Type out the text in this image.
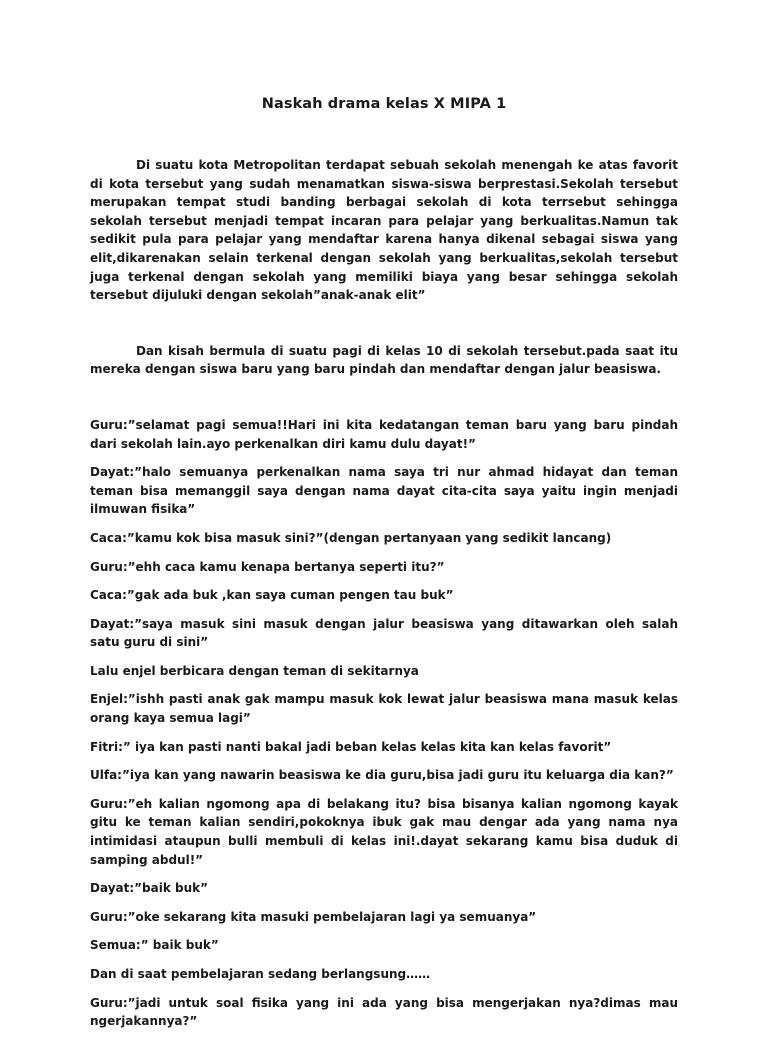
Naskah drama kelas X MIPA 1

Di suatu kota Metropolitan terdapat sebuah sekolah menengah ke atas favorit di kota tersebut yang sudah menamatkan siswa-siswa berprestasi.Sekolah tersebut merupakan tempat studi banding berbagai sekolah di kota terrsebut sehingga sekolah tersebut menjadi tempat incaran para pelajar yang berkualitas.Namun tak sedikit pula para pelajar yang mendaftar karena hanya dikenal sebagai siswa yang elit,dikarenakan selain terkenal dengan sekolah yang berkualitas,sekolah tersebut juga terkenal dengan sekolah yang memiliki biaya yang besar sehingga sekolah tersebut dijuluki dengan sekolah”anak-anak elit”

Dan kisah bermula di suatu pagi di kelas 10 di sekolah tersebut.pada saat itu mereka dengan siswa baru yang baru pindah dan mendaftar dengan jalur beasiswa.

Guru:”selamat pagi semua!!Hari ini kita kedatangan teman baru yang baru pindah dari sekolah lain.ayo perkenalkan diri kamu dulu dayat!”

Dayat:”halo semuanya perkenalkan nama saya tri nur ahmad hidayat dan teman teman bisa memanggil saya dengan nama dayat cita-cita saya yaitu ingin menjadi ilmuwan fisika”

Caca:”kamu kok bisa masuk sini?”(dengan pertanyaan yang sedikit lancang)

Guru:”ehh caca kamu kenapa bertanya seperti itu?”

Caca:”gak ada buk ,kan saya cuman pengen tau buk”

Dayat:”saya masuk sini masuk dengan jalur beasiswa yang ditawarkan oleh salah satu guru di sini”

Lalu enjel berbicara dengan teman di sekitarnya

Enjel:”ishh pasti anak gak mampu masuk kok lewat jalur beasiswa mana masuk kelas orang kaya semua lagi”

Fitri:” iya kan pasti nanti bakal jadi beban kelas kelas kita kan kelas favorit”

Ulfa:”iya kan yang nawarin beasiswa ke dia guru,bisa jadi guru itu keluarga dia kan?”

Guru:”eh kalian ngomong apa di belakang itu? bisa bisanya kalian ngomong kayak gitu ke teman kalian sendiri,pokoknya ibuk gak mau dengar ada yang nama nya intimidasi ataupun bulli membuli di kelas ini!.dayat sekarang kamu bisa duduk di samping abdul!”

Dayat:”baik buk”

Guru:”oke sekarang kita masuki pembelajaran lagi ya semuanya”

Semua:” baik buk”

Dan di saat pembelajaran sedang berlangsung……

Guru:”jadi untuk soal fisika yang ini ada yang bisa mengerjakan nya?dimas mau ngerjakannya?”
